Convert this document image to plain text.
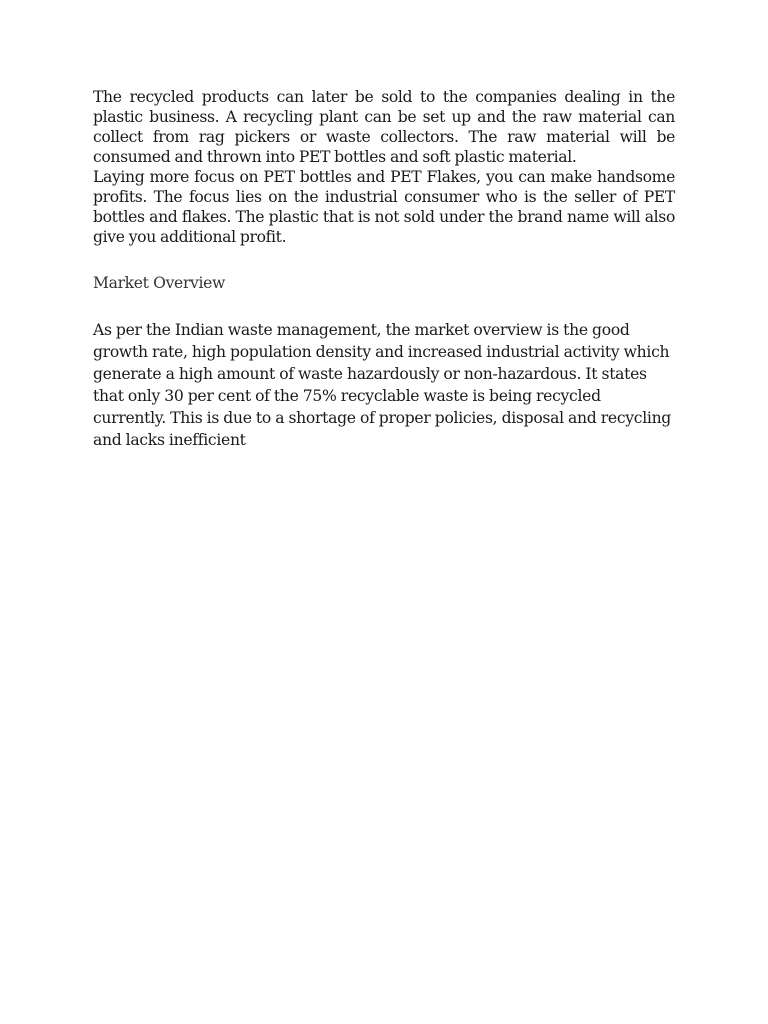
The recycled products can later be sold to the companies dealing in the plastic business. A recycling plant can be set up and the raw material can collect from rag pickers or waste collectors. The raw material will be consumed and thrown into PET bottles and soft plastic material.

Laying more focus on PET bottles and PET Flakes, you can make handsome profits. The focus lies on the industrial consumer who is the seller of PET bottles and flakes. The plastic that is not sold under the brand name will also give you additional profit.

Market Overview

As per the Indian waste management, the market overview is the good growth rate, high population density and increased industrial activity which generate a high amount of waste hazardously or non-hazardous. It states that only 30 per cent of the 75% recyclable waste is being recycled currently. This is due to a shortage of proper policies, disposal and recycling and lacks inefficient
